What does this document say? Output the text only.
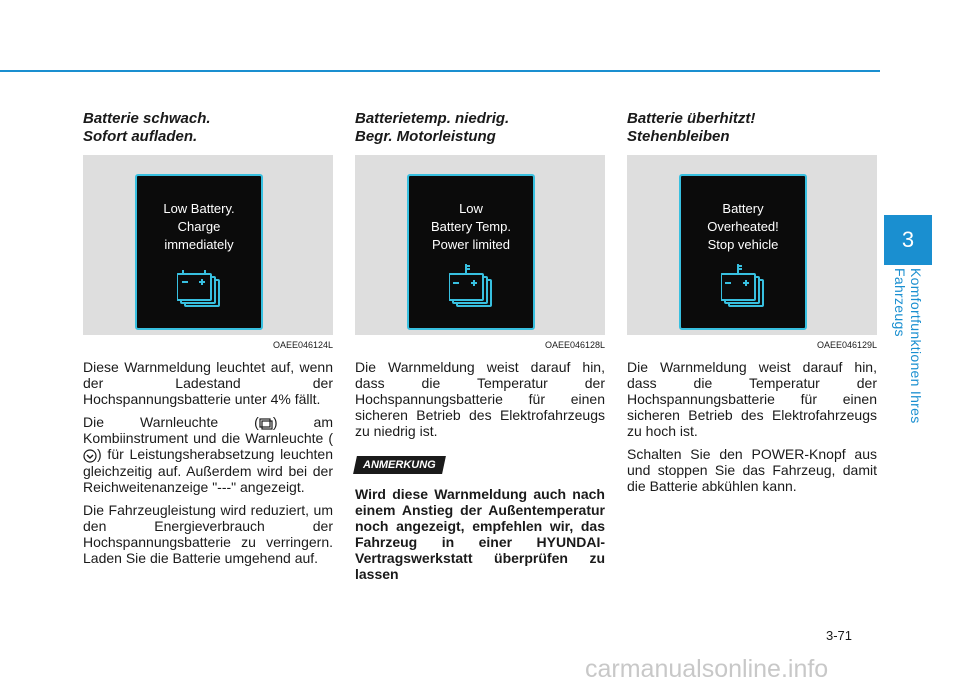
3
Komfortfunktionen Ihres Fahrzeugs
Batterie schwach.
Sofort aufladen.
Low Battery.
Charge
immediately
OAEE046124L

Diese Warnmeldung leuchtet auf, wenn der Ladestand der Hochspannungsbatterie unter 4% fällt.

Die Warnleuchte ( ) am Kombiinstrument und die Warnleuchte () für Leistungsherabsetzung leuchten gleichzeitig auf. Außerdem wird bei der Reichweitenanzeige "---" angezeigt.

Die Fahrzeugleistung wird reduziert, um den Energieverbrauch der Hochspannungsbatterie zu verringern. Laden Sie die Batterie umgehend auf.

Batterietemp. niedrig.
Begr. Motorleistung
Low
Battery Temp.
Power limited
OAEE046128L

Die Warnmeldung weist darauf hin, dass die Temperatur der Hochspannungsbatterie für einen sicheren Betrieb des Elektrofahrzeugs zu niedrig ist.

ANMERKUNG
Wird diese Warnmeldung auch nach einem Anstieg der Außentemperatur noch angezeigt, empfehlen wir, das Fahrzeug in einer HYUNDAI-Vertragswerkstatt überprüfen zu lassen
Batterie überhitzt!
Stehenbleiben
Battery
Overheated!
Stop vehicle
OAEE046129L

Die Warnmeldung weist darauf hin, dass die Temperatur der Hochspannungsbatterie für einen sicheren Betrieb des Elektrofahrzeugs zu hoch ist.

Schalten Sie den POWER-Knopf aus und stoppen Sie das Fahrzeug, damit die Batterie abkühlen kann.

3-71
carmanualsonline.info
